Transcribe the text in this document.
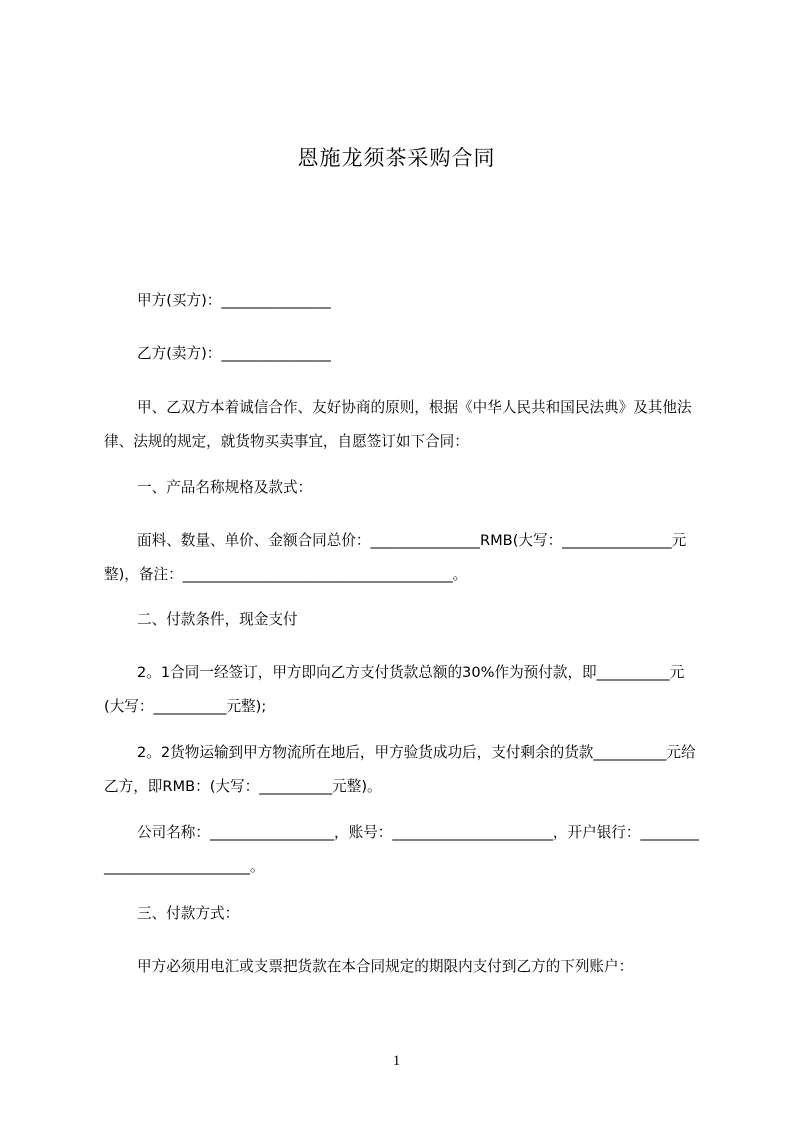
恩施龙须茶采购合同
甲方(买方)：_______________
乙方(卖方)：_______________
甲、乙双方本着诚信合作、友好协商的原则，根据《中华人民共和国民法典》及其他法律、法规的规定，就货物买卖事宜，自愿签订如下合同：
一、产品名称规格及款式：
面料、数量、单价、金额合同总价：_______________RMB(大写：_______________元整)，备注：_____________________________________。
二、付款条件，现金支付
2。1合同一经签订，甲方即向乙方支付货款总额的30%作为预付款，即__________元(大写：__________元整);
2。2货物运输到甲方物流所在地后，甲方验货成功后，支付剩余的货款__________元给乙方，即RMB：(大写：__________元整)。
公司名称：_________________，账号：______________________，开户银行：____________________________。
三、付款方式：
甲方必须用电汇或支票把货款在本合同规定的期限内支付到乙方的下列账户：
1
